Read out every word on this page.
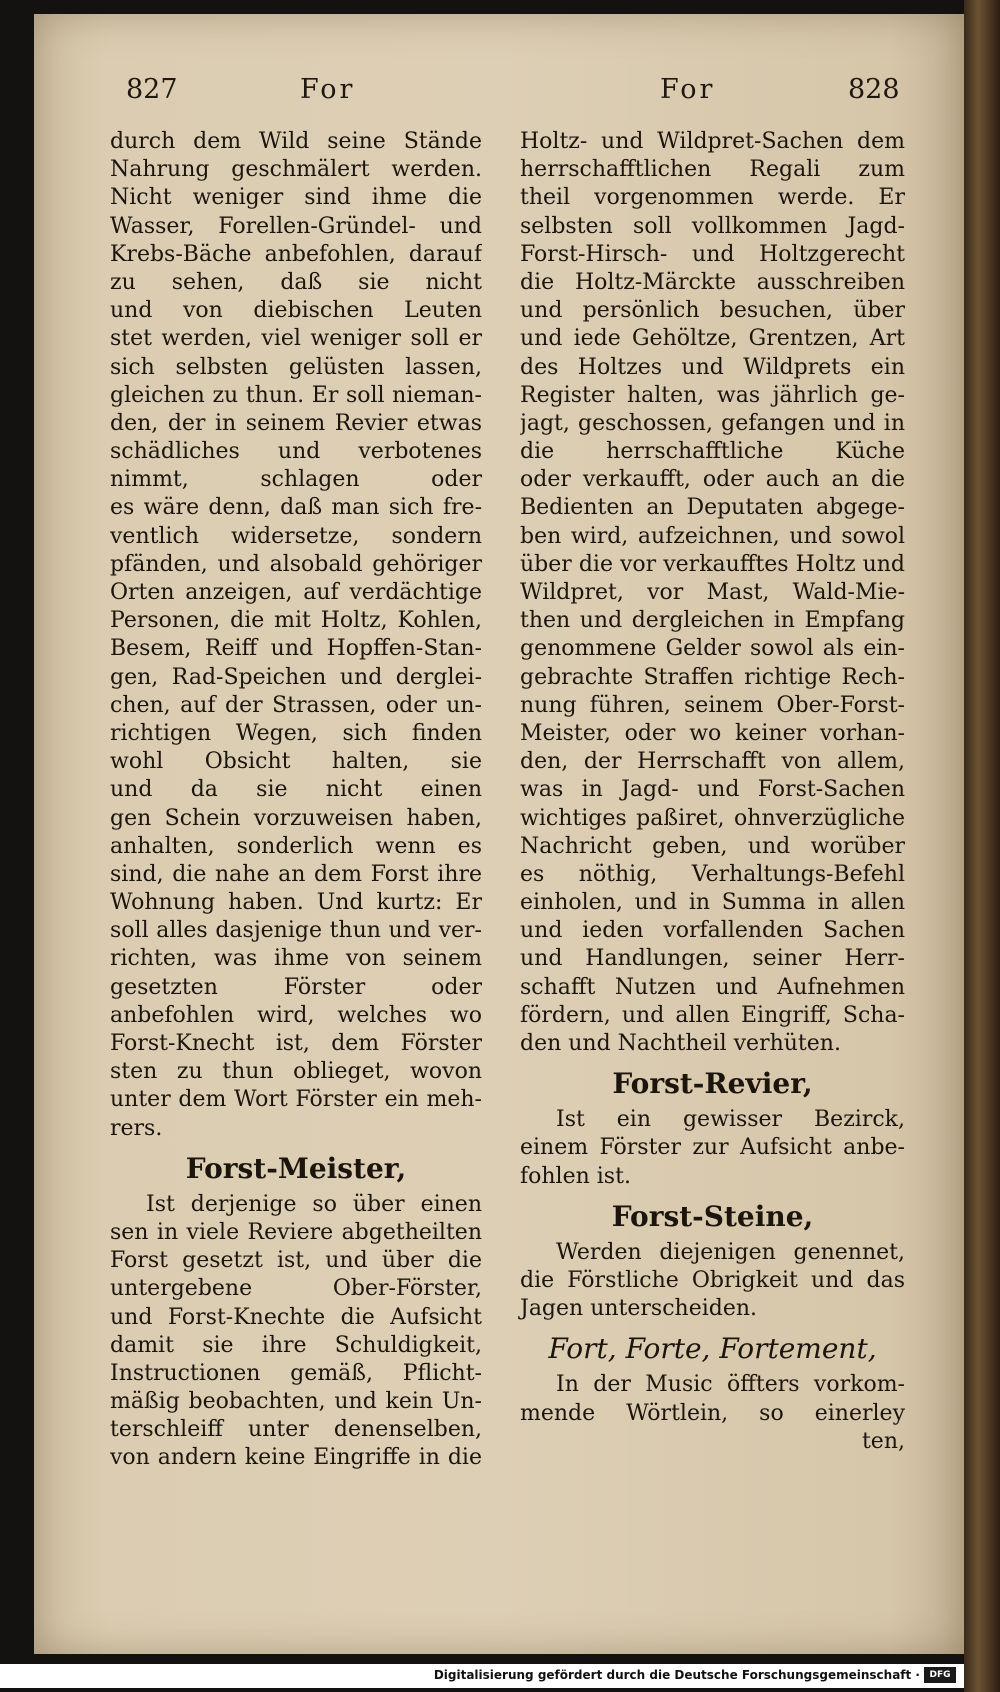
827	For	For	828
durch dem Wild seine Stände
Nahrung geschmälert werden.
Nicht weniger sind ihme die
Wasser, Forellen-Gründel- und
Krebs-Bäche anbefohlen, darauf
zu sehen, daß sie nicht
und von diebischen Leuten
stet werden, viel weniger soll er
sich selbsten gelüsten lassen,
gleichen zu thun. Er soll nieman-
den, der in seinem Revier etwas
schädliches und verbotenes
nimmt, schlagen oder
es wäre denn, daß man sich fre-
ventlich widersetze, sondern
pfänden, und alsobald gehöriger
Orten anzeigen, auf verdächtige
Personen, die mit Holtz, Kohlen,
Besem, Reiff und Hopffen-Stan-
gen, Rad-Speichen und derglei-
chen, auf der Strassen, oder un-
richtigen Wegen, sich finden
wohl Obsicht halten, sie
und da sie nicht einen
gen Schein vorzuweisen haben,
anhalten, sonderlich wenn es
sind, die nahe an dem Forst ihre
Wohnung haben. Und kurtz: Er
soll alles dasjenige thun und ver-
richten, was ihme von seinem
gesetzten Förster oder
anbefohlen wird, welches wo
Forst-Knecht ist, dem Förster
sten zu thun oblieget, wovon
unter dem Wort Förster ein meh-
rers.
Forst-Meister,
Ist derjenige so über einen
sen in viele Reviere abgetheilten
Forst gesetzt ist, und über die
untergebene Ober-Förster,
und Forst-Knechte die Aufsicht
damit sie ihre Schuldigkeit,
Instructionen gemäß, Pflicht-
mäßig beobachten, und kein Un-
terschleiff unter denenselben,
von andern keine Eingriffe in die
Holtz- und Wildpret-Sachen dem
herrschafftlichen Regali zum
theil vorgenommen werde. Er
selbsten soll vollkommen Jagd-
Forst-Hirsch- und Holtzgerecht
die Holtz-Märckte ausschreiben
und persönlich besuchen, über
und iede Gehöltze, Grentzen, Art
des Holtzes und Wildprets ein
Register halten, was jährlich ge-
jagt, geschossen, gefangen und in
die herrschafftliche Küche
oder verkaufft, oder auch an die
Bedienten an Deputaten abgege-
ben wird, aufzeichnen, und sowol
über die vor verkaufftes Holtz und
Wildpret, vor Mast, Wald-Mie-
then und dergleichen in Empfang
genommene Gelder sowol als ein-
gebrachte Straffen richtige Rech-
nung führen, seinem Ober-Forst-
Meister, oder wo keiner vorhan-
den, der Herrschafft von allem,
was in Jagd- und Forst-Sachen
wichtiges paßiret, ohnverzügliche
Nachricht geben, und worüber
es nöthig, Verhaltungs-Befehl
einholen, und in Summa in allen
und ieden vorfallenden Sachen
und Handlungen, seiner Herr-
schafft Nutzen und Aufnehmen
fördern, und allen Eingriff, Scha-
den und Nachtheil verhüten.
Forst-Revier,
Ist ein gewisser Bezirck,
einem Förster zur Aufsicht anbe-
fohlen ist.
Forst-Steine,
Werden diejenigen genennet,
die Förstliche Obrigkeit und das
Jagen unterscheiden.
Fort, Forte, Fortement,
In der Music öffters vorkom-
mende Wörtlein, so einerley
ten,
Digitalisierung gefördert durch die Deutsche Forschungsgemeinschaft ·	DFG
